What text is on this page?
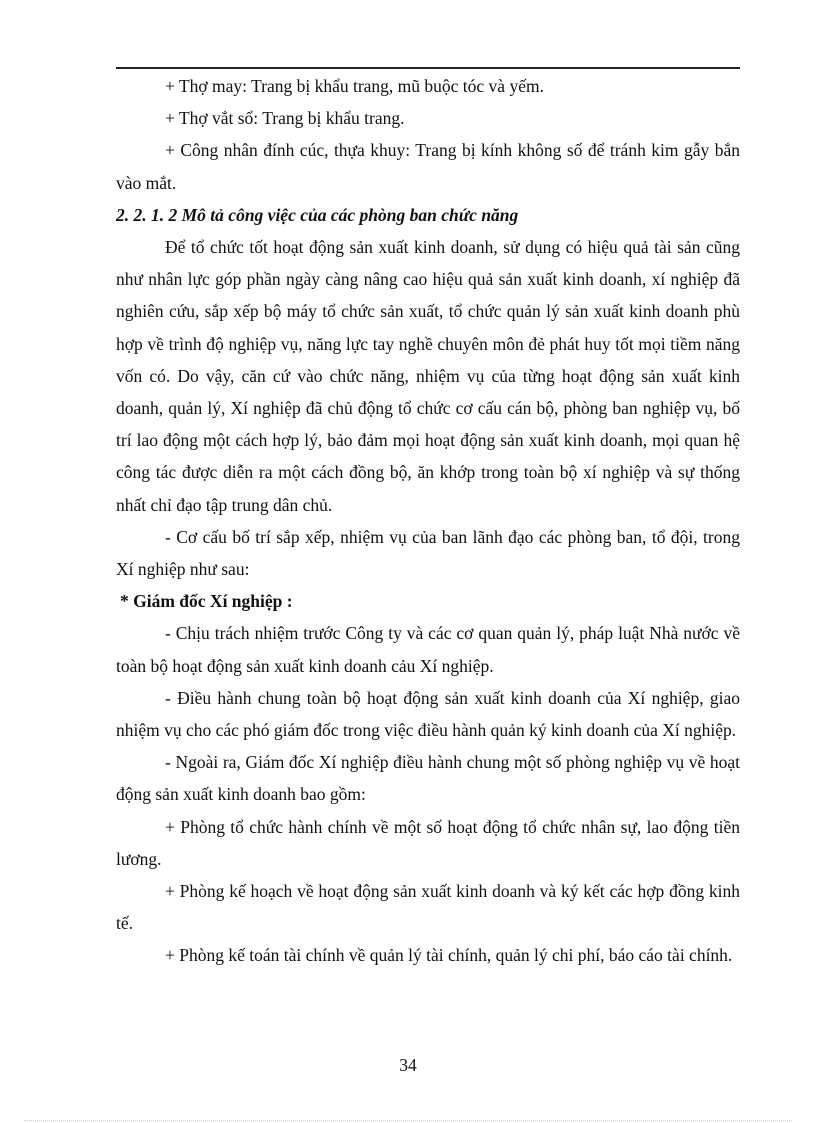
+ Thợ may: Trang bị khẩu trang, mũ buộc tóc và yếm.

+ Thợ vắt sổ: Trang bị khẩu trang.

+ Công nhân đính cúc, thựa khuy: Trang bị kính không số để tránh kim gẫy bắn vào mắt.

2. 2. 1. 2 Mô tả công việc của các phòng ban chức năng

Để tổ chức tốt hoạt động sản xuất kinh doanh, sử dụng có hiệu quả tài sản cũng như nhân lực góp phần ngày càng nâng cao hiệu quả sản xuất kinh doanh, xí nghiệp đã nghiên cứu, sắp xếp bộ máy tổ chức sản xuất, tổ chức quản lý sản xuất kinh doanh phù hợp về trình độ nghiệp vụ, năng lực tay nghề chuyên môn đẻ phát huy tốt mọi tiềm năng vốn có. Do vậy, căn cứ vào chức năng, nhiệm vụ của từng hoạt động sản xuất kinh doanh, quản lý, Xí nghiệp đã chủ động tổ chức cơ cấu cán bộ, phòng ban nghiệp vụ, bố trí lao động một cách hợp lý, bảo đảm mọi hoạt động sản xuất kinh doanh, mọi quan hệ công tác được diễn ra một cách đồng bộ, ăn khớp trong toàn bộ xí nghiệp và sự thống nhất chỉ đạo tập trung dân chủ.

- Cơ cấu bố trí sắp xếp, nhiệm vụ của ban lãnh đạo các phòng ban, tổ đội, trong Xí nghiệp như sau:

* Giám đốc Xí nghiệp :

- Chịu trách nhiệm trước Công ty và các cơ quan quản lý, pháp luật Nhà nước về toàn bộ hoạt động sản xuất kinh doanh cảu Xí nghiệp.

- Điều hành chung toàn bộ hoạt động sản xuất kinh doanh của Xí nghiệp, giao nhiệm vụ cho các phó giám đốc trong việc điều hành quản ký kinh doanh của Xí nghiệp.

- Ngoài ra, Giám đốc Xí nghiệp điều hành chung một số phòng nghiệp vụ về hoạt động sản xuất kinh doanh bao gồm:

+ Phòng tổ chức hành chính về một số hoạt động tổ chức nhân sự, lao động tiền lương.

+ Phòng kế hoạch về hoạt động sản xuất kinh doanh và ký kết các hợp đồng kinh tế.

+ Phòng kế toán tài chính về quản lý tài chính, quản lý chi phí, báo cáo tài chính.

34
